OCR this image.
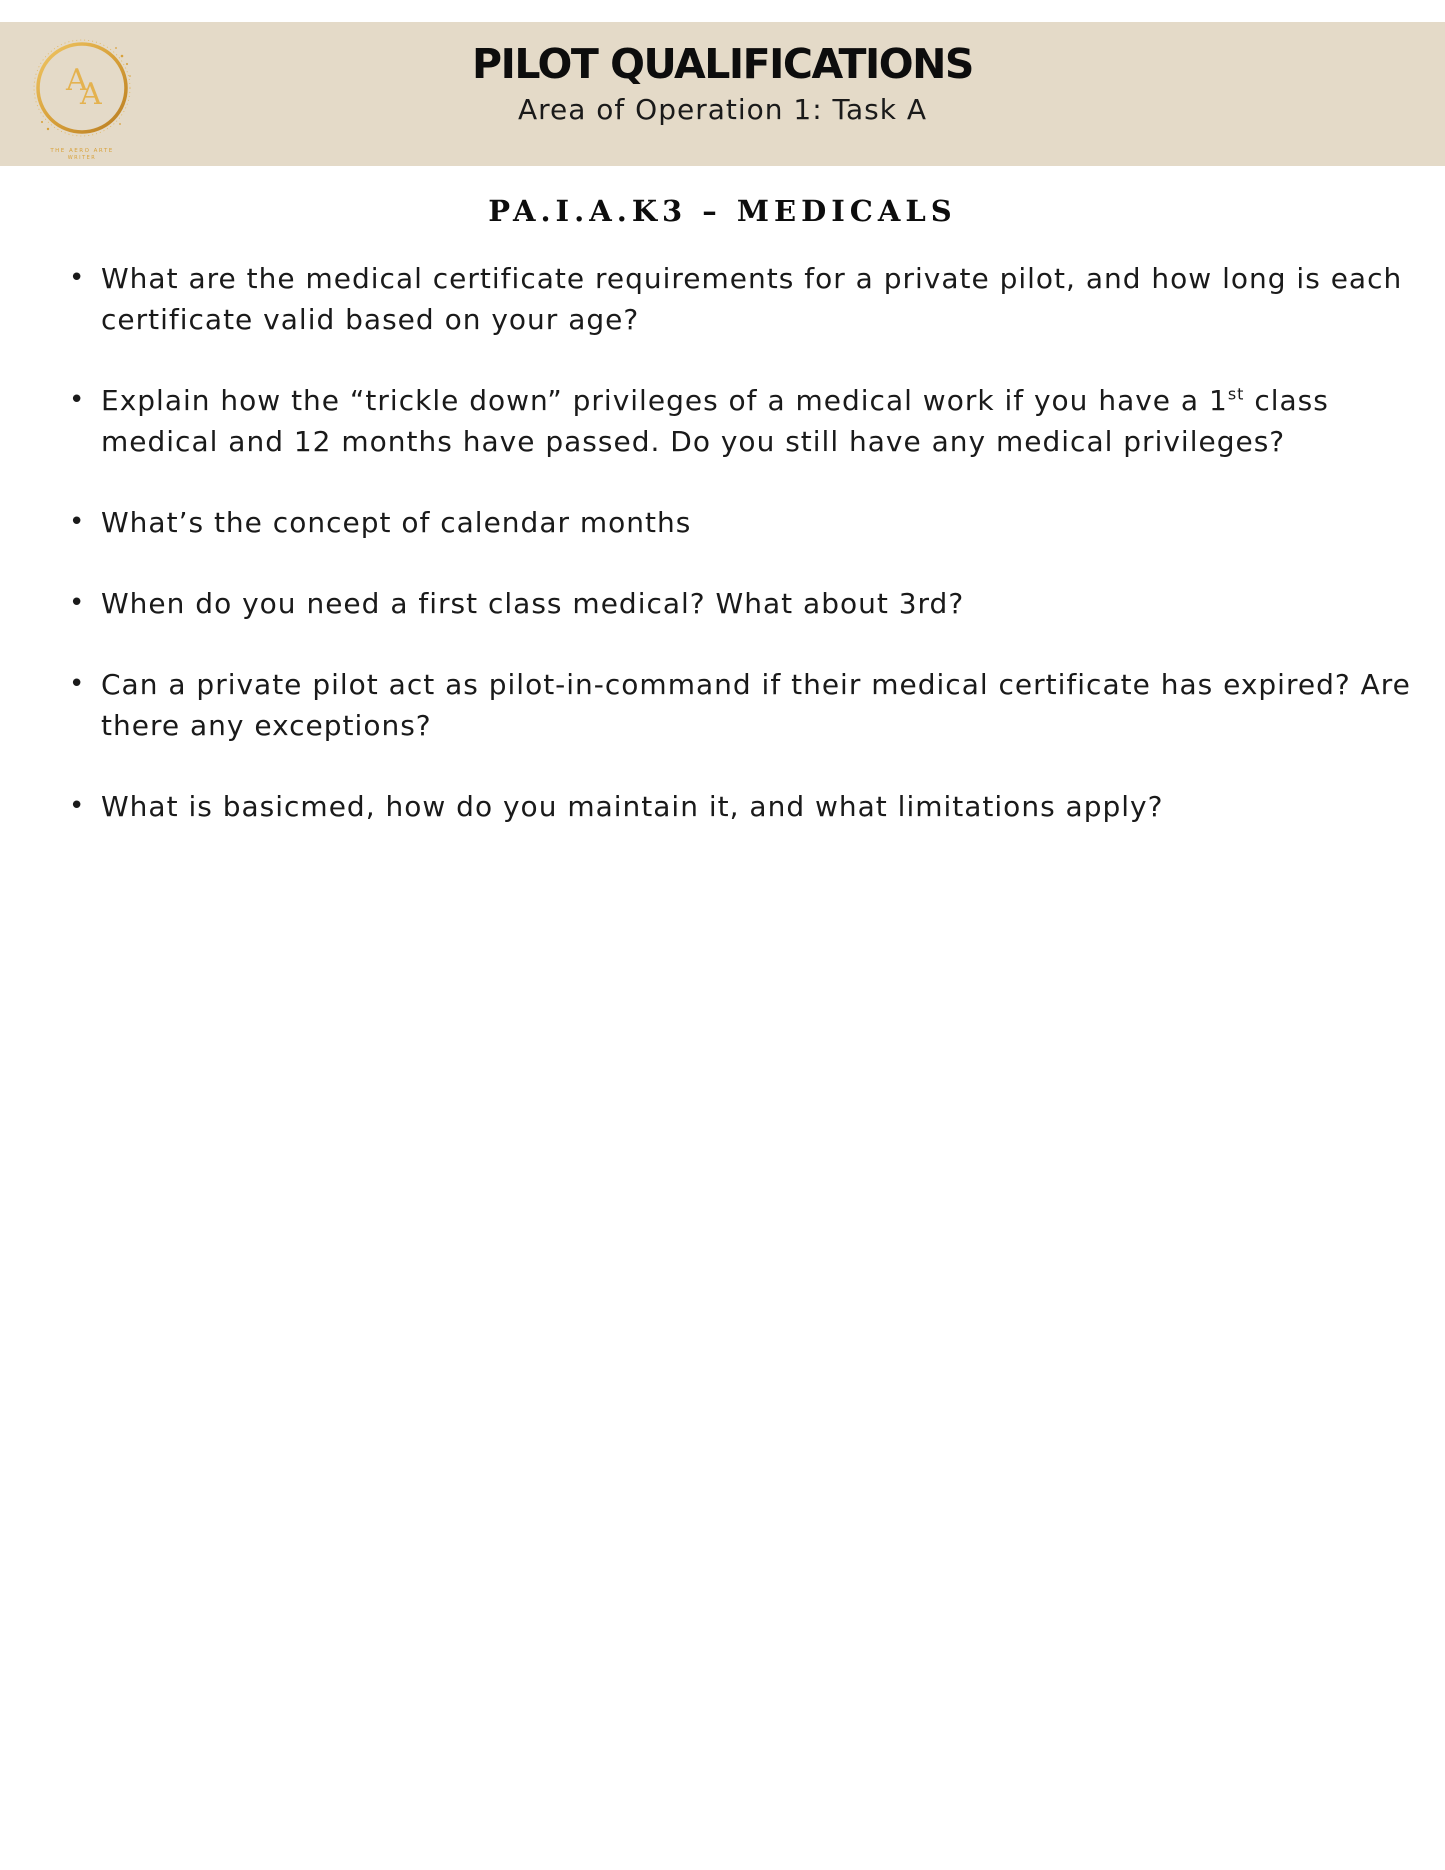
A
A
THE AERO ARTE
WRITER
PILOT QUALIFICATIONS

Area of Operation 1: Task A

PA.I.A.K3 – MEDICALS
• What are the medical certificate requirements for a private pilot, and how long is each certificate valid based on your age?
• Explain how the “trickle down” privileges of a medical work if you have a 1st class medical and 12 months have passed. Do you still have any medical privileges?
• What’s the concept of calendar months
• When do you need a first class medical? What about 3rd?
• Can a private pilot act as pilot-in-command if their medical certificate has expired? Are there any exceptions?
• What is basicmed, how do you maintain it, and what limitations apply?
